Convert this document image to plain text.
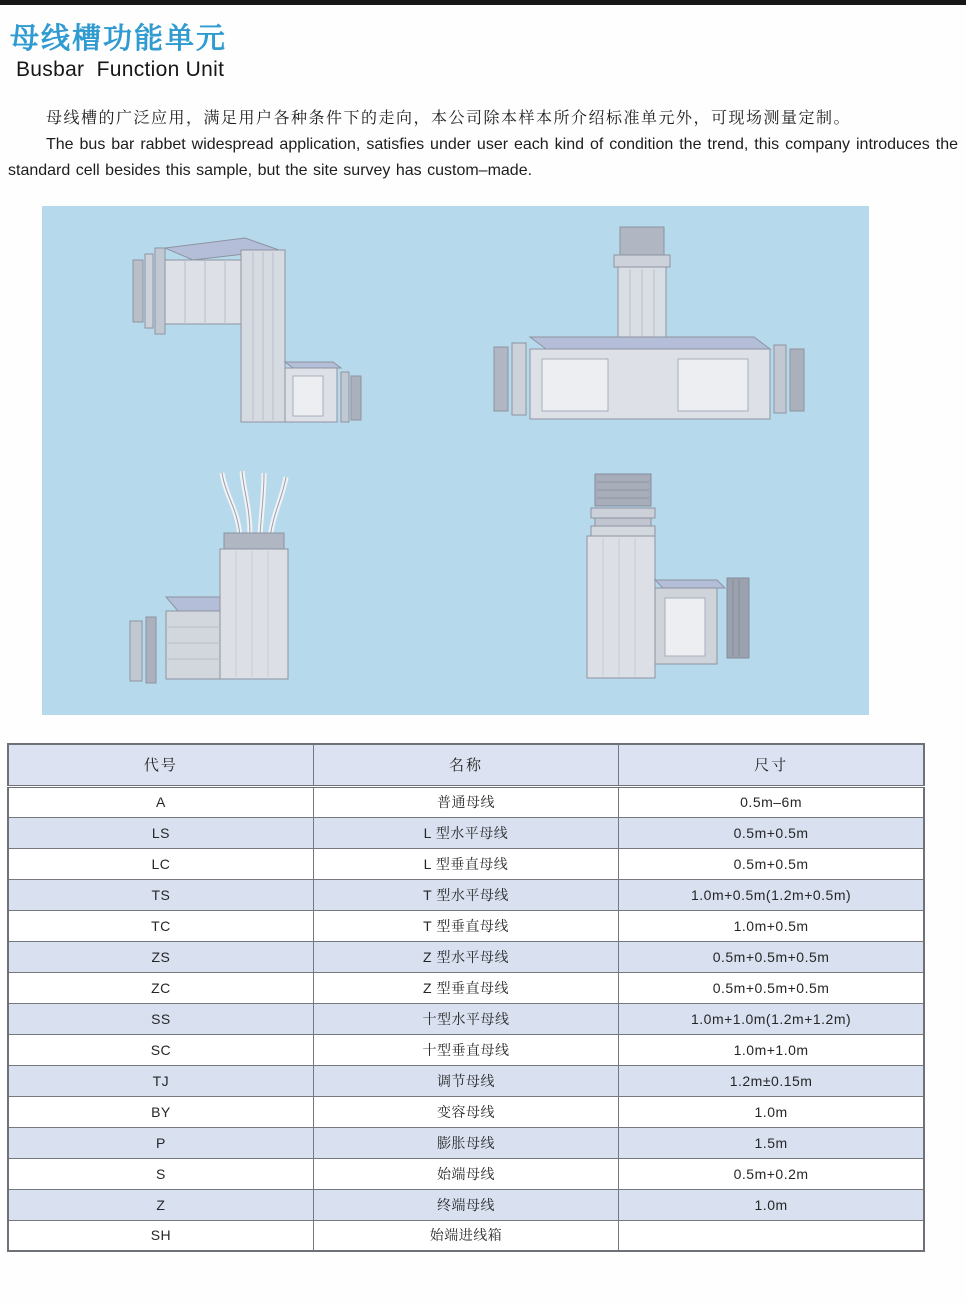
母线槽功能单元
Busbar  Function Unit

母线槽的广泛应用，满足用户各种条件下的走向，本公司除本样本所介绍标准单元外，可现场测量定制。

The bus bar rabbet widespread application, satisfies under user each kind of condition the trend, this company introduces the standard cell besides this sample, but the site survey has custom–made.

代号	名称	尺寸
A	普通母线	0.5m–6m
LS	L 型水平母线	0.5m+0.5m
LC	L 型垂直母线	0.5m+0.5m
TS	T 型水平母线	1.0m+0.5m(1.2m+0.5m)
TC	T 型垂直母线	1.0m+0.5m
ZS	Z 型水平母线	0.5m+0.5m+0.5m
ZC	Z 型垂直母线	0.5m+0.5m+0.5m
SS	十型水平母线	1.0m+1.0m(1.2m+1.2m)
SC	十型垂直母线	1.0m+1.0m
TJ	调节母线	1.2m±0.15m
BY	变容母线	1.0m
P	膨胀母线	1.5m
S	始端母线	0.5m+0.2m
Z	终端母线	1.0m
SH	始端进线箱	
